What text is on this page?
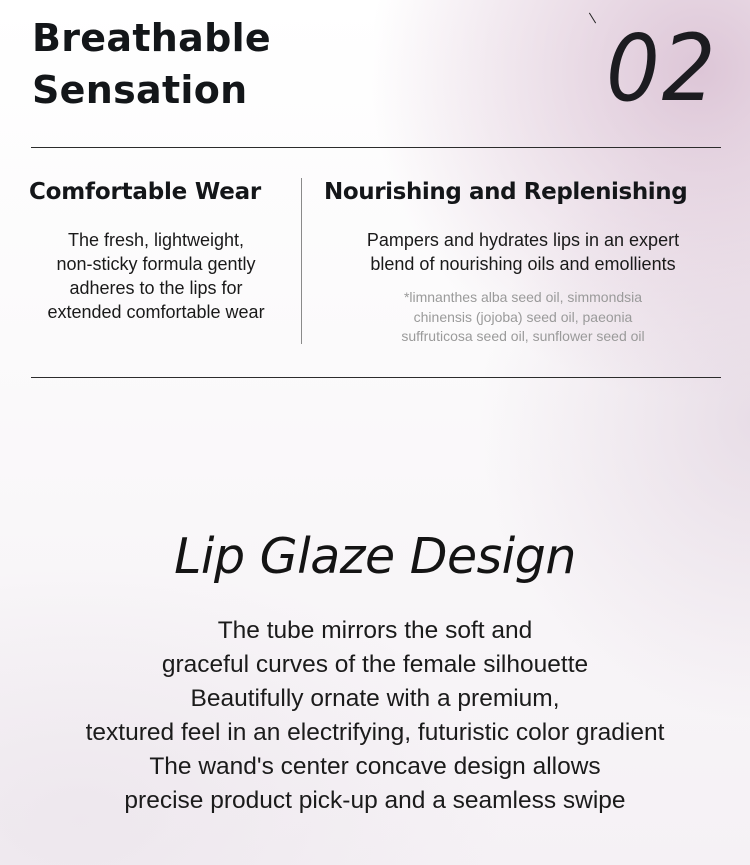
Breathable
Sensation	02
Comfortable Wear
The fresh, lightweight,
non-sticky formula gently
adheres to the lips for
extended comfortable wear
Nourishing and Replenishing
Pampers and hydrates lips in an expert
blend of nourishing oils and emollients
*limnanthes alba seed oil, simmondsia
chinensis (jojoba) seed oil, paeonia
suffruticosa seed oil, sunflower seed oil
Lip Glaze Design
The tube mirrors the soft and
graceful curves of the female silhouette
Beautifully ornate with a premium,
textured feel in an electrifying, futuristic color gradient
The wand's center concave design allows
precise product pick-up and a seamless swipe
